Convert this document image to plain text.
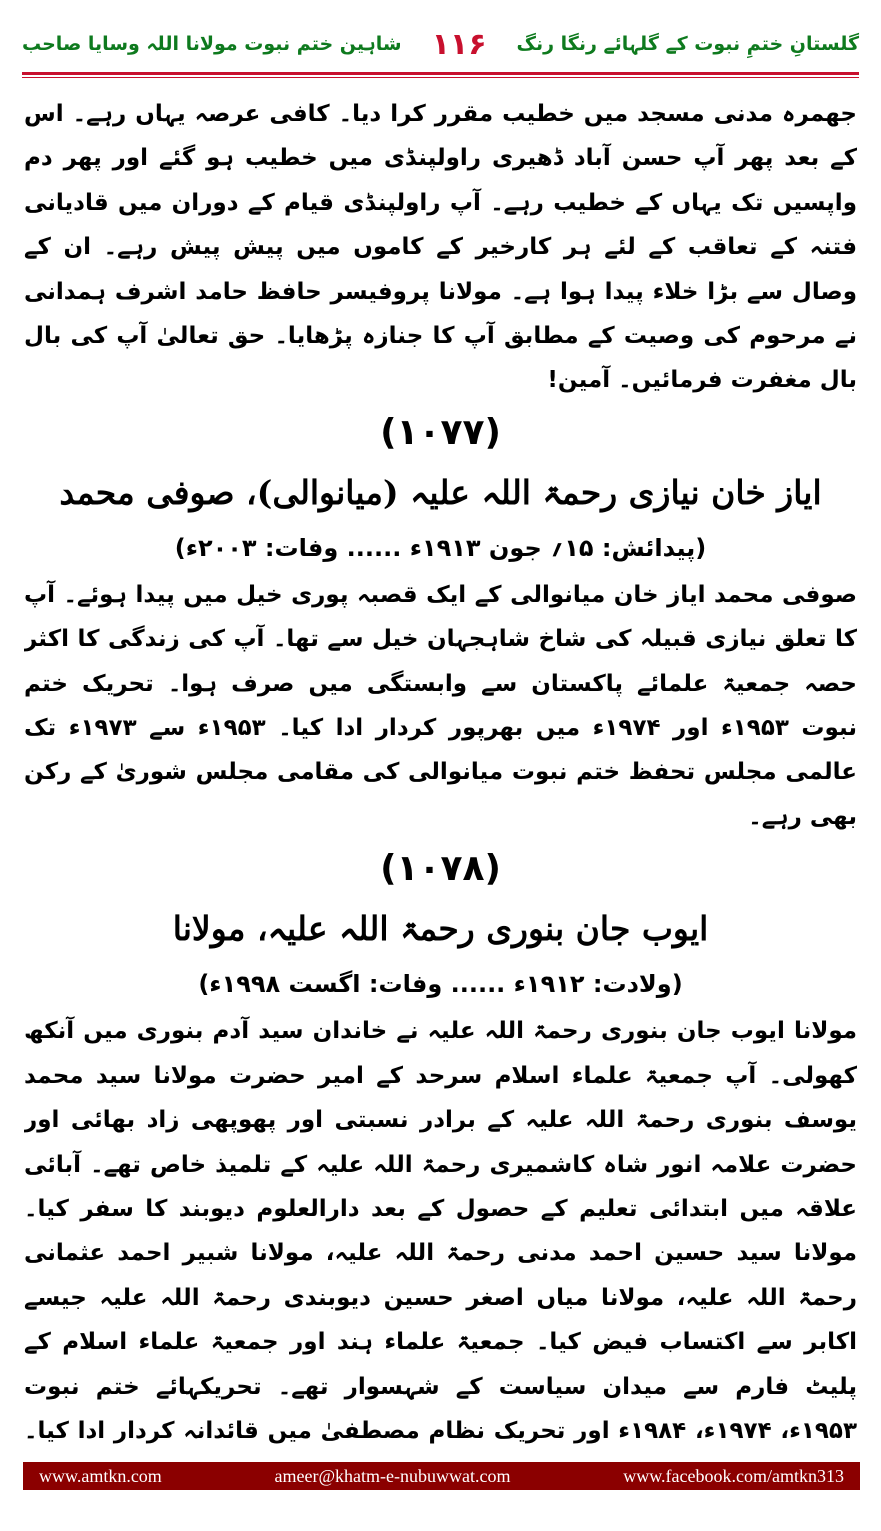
شاہین ختم نبوت مولانا اللہ وسایا صاحب ۱۱۶ گلستانِ ختمِ نبوت کے گلہائے رنگا رنگ

جھمرہ مدنی مسجد میں خطیب مقرر کرا دیا۔ کافی عرصہ یہاں رہے۔ اس کے بعد پھر آپ حسن آباد ڈھیری راولپنڈی میں خطیب ہو گئے اور پھر دم واپسیں تک یہاں کے خطیب رہے۔ آپ راولپنڈی قیام کے دوران میں قادیانی فتنہ کے تعاقب کے لئے ہر کارخیر کے کاموں میں پیش پیش رہے۔ ان کے وصال سے بڑا خلاء پیدا ہوا ہے۔ مولانا پروفیسر حافظ حامد اشرف ہمدانی نے مرحوم کی وصیت کے مطابق آپ کا جنازہ پڑھایا۔ حق تعالیٰ آپ کی بال بال مغفرت فرمائیں۔ آمین!

(۱۰۷۷)

ایاز خان نیازی رحمۃ اللہ علیہ (میانوالی)، صوفی محمد

(پیدائش: ۱۵؍ جون ۱۹۱۳ء ...... وفات: ۲۰۰۳ء)

صوفی محمد ایاز خان میانوالی کے ایک قصبہ پوری خیل میں پیدا ہوئے۔ آپ کا تعلق نیازی قبیلہ کی شاخ شاہجہان خیل سے تھا۔ آپ کی زندگی کا اکثر حصہ جمعیۃ علمائے پاکستان سے وابستگی میں صرف ہوا۔ تحریک ختم نبوت ۱۹۵۳ء اور ۱۹۷۴ء میں بھرپور کردار ادا کیا۔ ۱۹۵۳ء سے ۱۹۷۳ء تک عالمی مجلس تحفظ ختم نبوت میانوالی کی مقامی مجلس شوریٰ کے رکن بھی رہے۔

(۱۰۷۸)

ایوب جان بنوری رحمۃ اللہ علیہ، مولانا

(ولادت: ۱۹۱۲ء ...... وفات: اگست ۱۹۹۸ء)

مولانا ایوب جان بنوری رحمۃ اللہ علیہ نے خاندان سید آدم بنوری میں آنکھ کھولی۔ آپ جمعیۃ علماء اسلام سرحد کے امیر حضرت مولانا سید محمد یوسف بنوری رحمۃ اللہ علیہ کے برادر نسبتی اور پھوپھی زاد بھائی اور حضرت علامہ انور شاہ کاشمیری رحمۃ اللہ علیہ کے تلمیذ خاص تھے۔ آبائی علاقہ میں ابتدائی تعلیم کے حصول کے بعد دارالعلوم دیوبند کا سفر کیا۔ مولانا سید حسین احمد مدنی رحمۃ اللہ علیہ، مولانا شبیر احمد عثمانی رحمۃ اللہ علیہ، مولانا میاں اصغر حسین دیوبندی رحمۃ اللہ علیہ جیسے اکابر سے اکتساب فیض کیا۔ جمعیۃ علماء ہند اور جمعیۃ علماء اسلام کے پلیٹ فارم سے میدان سیاست کے شہسوار تھے۔ تحریکہائے ختم نبوت ۱۹۵۳ء، ۱۹۷۴ء، ۱۹۸۴ء اور تحریک نظام مصطفیٰ میں قائدانہ کردار ادا کیا۔

www.amtkn.com	ameer@khatm-e-nubuwwat.com	www.facebook.com/amtkn313
